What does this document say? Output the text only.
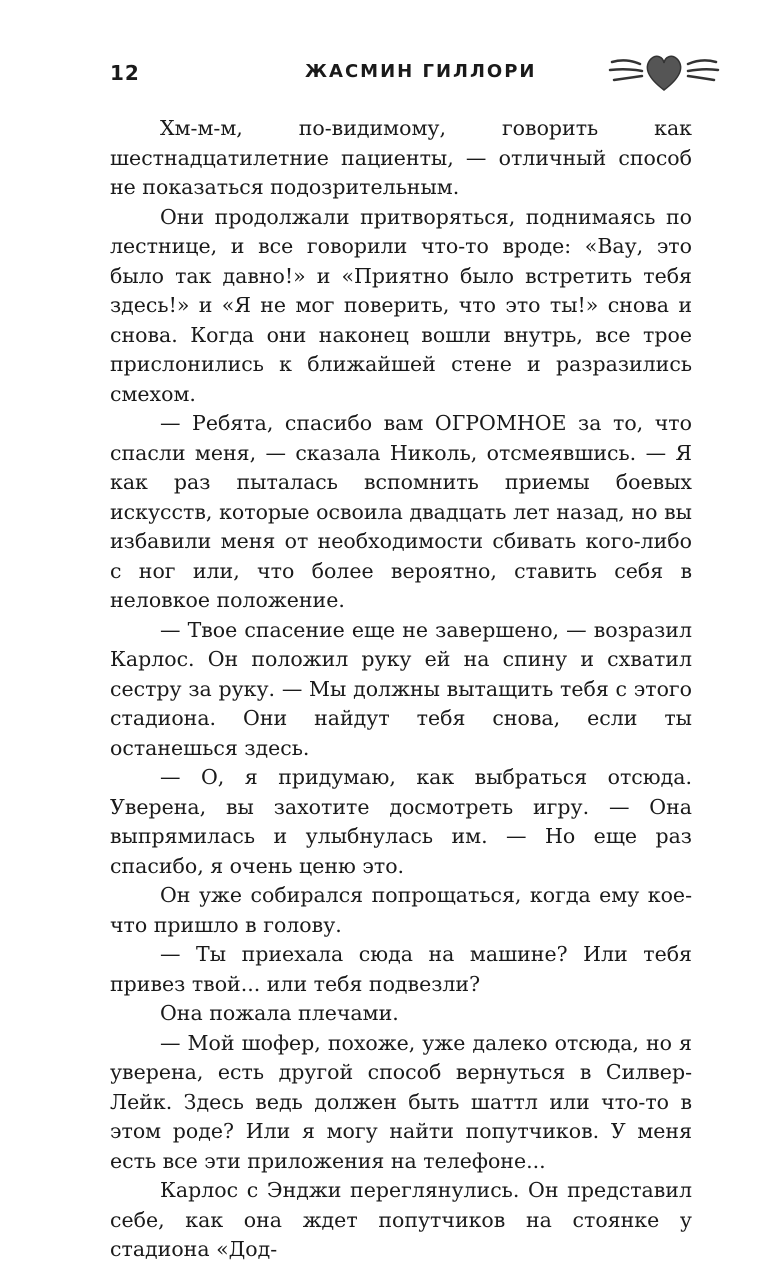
12	ЖАСМИН ГИЛЛОРИ

Хм-м-м, по-видимому, говорить как шестнадцатилетние пациенты, — отличный способ не показаться подозрительным.

Они продолжали притворяться, поднимаясь по лестнице, и все говорили что-то вроде: «Вау, это было так давно!» и «Приятно было встретить тебя здесь!» и «Я не мог поверить, что это ты!» снова и снова. Когда они наконец вошли внутрь, все трое прислонились к ближайшей стене и разразились смехом.

— Ребята, спасибо вам ОГРОМНОЕ за то, что спасли меня, — сказала Николь, отсмеявшись. — Я как раз пыталась вспомнить приемы боевых искусств, которые освоила двадцать лет назад, но вы избавили меня от необходимости сбивать кого-либо с ног или, что более вероятно, ставить себя в неловкое положение.

— Твое спасение еще не завершено, — возразил Карлос. Он положил руку ей на спину и схватил сестру за руку. — Мы должны вытащить тебя с этого стадиона. Они найдут тебя снова, если ты останешься здесь.

— О, я придумаю, как выбраться отсюда. Уверена, вы захотите досмотреть игру. — Она выпрямилась и улыбнулась им. — Но еще раз спасибо, я очень ценю это.

Он уже собирался попрощаться, когда ему кое-что пришло в голову.

— Ты приехала сюда на машине? Или тебя привез твой... или тебя подвезли?

Она пожала плечами.

— Мой шофер, похоже, уже далеко отсюда, но я уверена, есть другой способ вернуться в Силвер-Лейк. Здесь ведь должен быть шаттл или что-то в этом роде? Или я могу найти попутчиков. У меня есть все эти приложения на телефоне...

Карлос с Энджи переглянулись. Он представил себе, как она ждет попутчиков на стоянке у стадиона «Дод-
